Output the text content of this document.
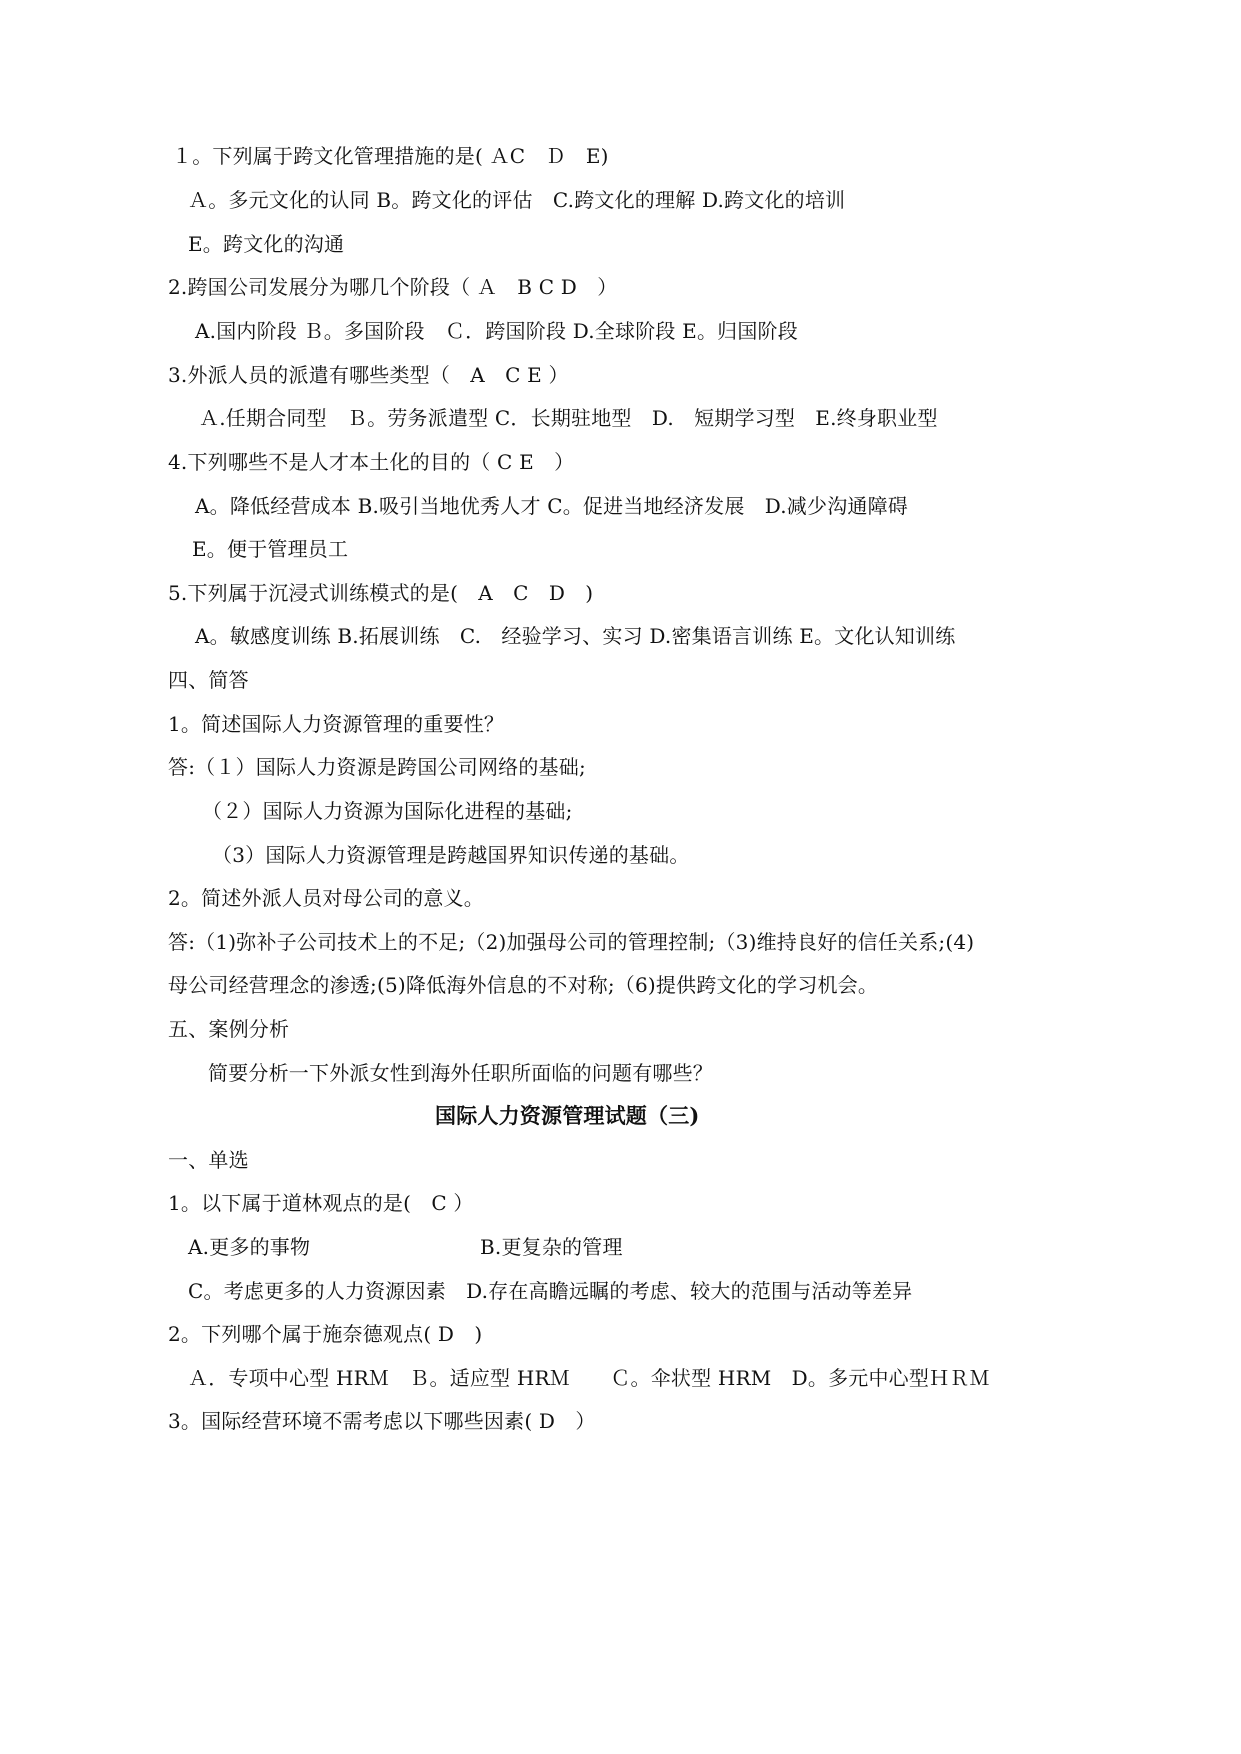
１。下列属于跨文化管理措施的是( ＡC　Ｄ　E)
Ａ。多元文化的认同 B。跨文化的评估　C.跨文化的理解 D.跨文化的培训
E。跨文化的沟通
2.跨国公司发展分为哪几个阶段（ Ａ　B C D　）
A.国内阶段 Ｂ。多国阶段　Ｃ．跨国阶段 D.全球阶段 E。归国阶段
3.外派人员的派遣有哪些类型（　A　C E ）
Ａ.任期合同型　Ｂ。劳务派遣型 C．长期驻地型　D.　短期学习型　E.终身职业型
4.下列哪些不是人才本土化的目的（ C E　）
A。降低经营成本 B.吸引当地优秀人才 C。促进当地经济发展　D.减少沟通障碍
E。便于管理员工
5.下列属于沉浸式训练模式的是(　A　C　D　)
A。敏感度训练 B.拓展训练　C.　经验学习、实习 D.密集语言训练 E。文化认知训练
四、简答
1。简述国际人力资源管理的重要性？
答:（１）国际人力资源是跨国公司网络的基础;
（２）国际人力资源为国际化进程的基础;
（3）国际人力资源管理是跨越国界知识传递的基础。
2。简述外派人员对母公司的意义。
答:（1)弥补子公司技术上的不足;（2)加强母公司的管理控制;（3)维持良好的信任关系;(4)
母公司经营理念的渗透;(5)降低海外信息的不对称;（6)提供跨文化的学习机会。
五、案例分析
简要分析一下外派女性到海外任职所面临的问题有哪些？
国际人力资源管理试题（三)
一、单选
1。以下属于道林观点的是(　C ）
A.更多的事物	B.更复杂的管理
C。考虑更多的人力资源因素　D.存在高瞻远瞩的考虑、较大的范围与活动等差异
2。下列哪个属于施奈德观点( D　)
Ａ．专项中心型 HRＭ　Ｂ。适应型 HRＭ　　Ｃ。伞状型 HRM　D。多元中心型ＨＲＭ
3。国际经营环境不需考虑以下哪些因素( D　）
